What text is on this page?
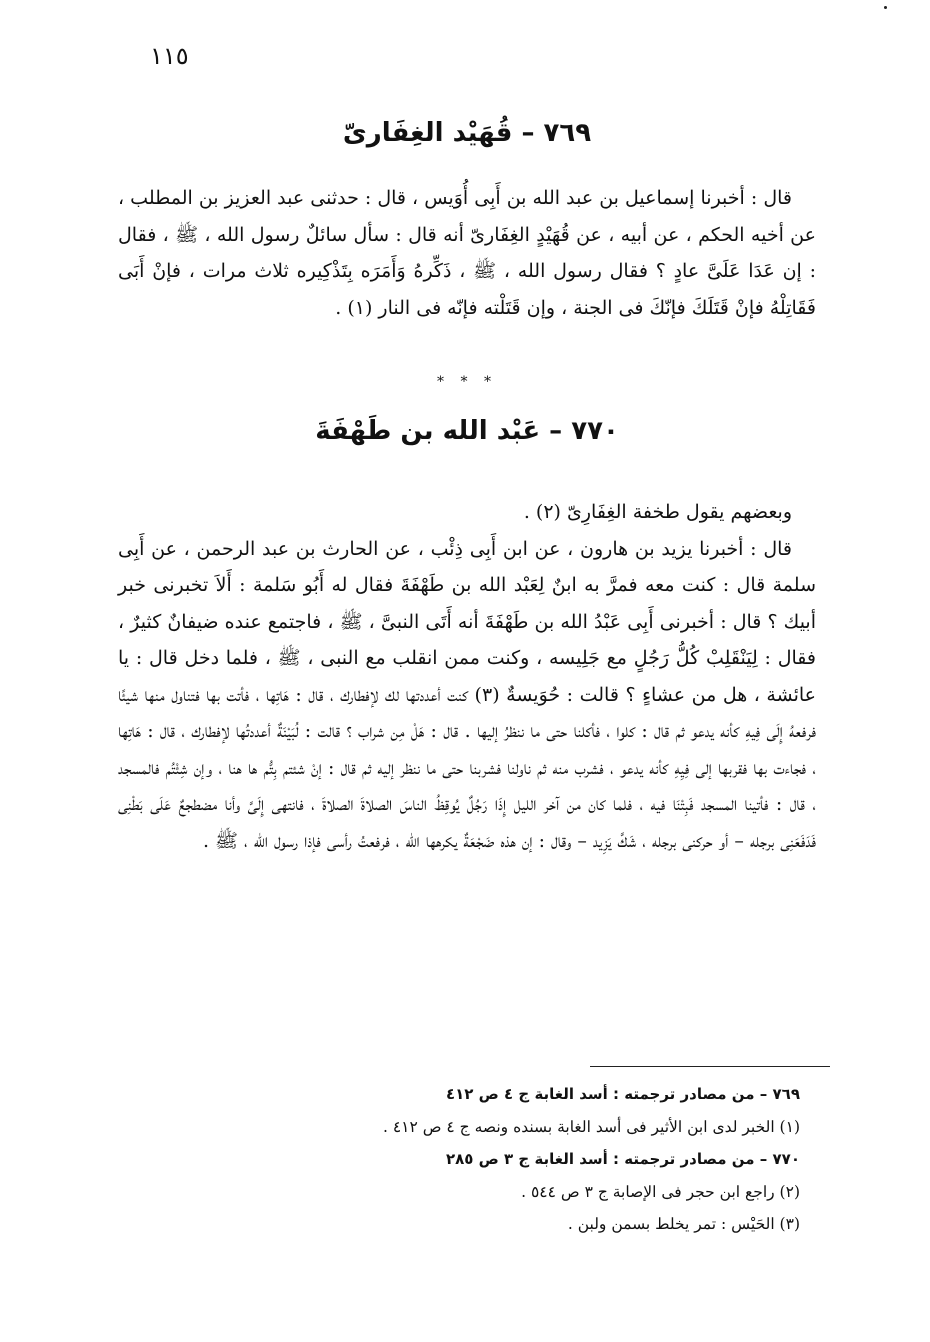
١١٥
٧٦٩ – قُهَيْد الغِفَارىّ

قال : أخبرنا إسماعيل بن عبد الله بن أَبِى أُوَيس ، قال : حدثنى عبد العزيز بن المطلب ، عن أخيه الحكم ، عن أبيه ، عن قُهَيْدٍ الغِفَارىّ أنه قال : سأل سائلٌ رسول الله ، ﷺ ، فقال : إن عَدَا عَلَىَّ عادٍ ؟ فقال رسول الله ، ﷺ ، ذَكِّرهُ وَأَمَرَه بِتَذْكِيره ثلاث مرات ، فإنْ أَبَى فَقَاتِلْهُ فإنْ قَتَلَكَ فإنّكَ فى الجنة ، وإن قَتَلْته فإنّه فى النار (١) .

* * *
٧٧٠ – عَبْد الله بن طَهْفَةَ

وبعضهم يقول طخفة الغِفَارِىّ (٢) .

قال : أخبرنا يزيد بن هارون ، عن ابن أَبِى ذِئْب ، عن الحارث بن عبد الرحمن ، عن أَبِى سلمة قال : كنت معه فمرَّ به ابنٌ لِعَبْد الله بن طَهْفَةَ فقال له أَبُو سَلمة : أَلاَ تخبرنى خبر أبيك ؟ قال : أخبرنى أَبِى عَبْدُ الله بن طَهْفَةَ أنه أَتَى النبىَّ ، ﷺ ، فاجتمع عنده ضيفانٌ كثيرٌ ، فقال : لِيَنْقَلِبْ كُلُّ رَجُلٍ مع جَلِيسه ، وكنت ممن انقلب مع النبى ، ﷺ ، فلما دخل قال : يا عائشة ، هل من عشاءٍ ؟ قالت : حُوَيسةٌ (٣) كنت أعددتها لك لإفطارك ، قال : هَاتِها ، فأتت بها فتناول منها شيئًا فرفعهُ إِلَى فِيهِ كأنه يدعو ثم قال : كلوا ، فأكلنا حتى ما ننظرُ إليها . قال : هَلْ مِن شراب ؟ قالت : لُبَيْنَةٌ أعددتُها لإفطارك ، قال : هَاتِها ، فجاءت بها فقربها إلى فِيِهِ كأنه يدعو ، فشرب منه ثم ناولنا فشربنا حتى ما ننظر إليه ثم قال : إنْ شئتم بِتُّم ها هنا ، وإن شِئْتُم فالمسجد ، قال : فأتينا المسجد فَبِتْنَا فيه ، فلما كان من آخر الليل إِذَا رَجُلٌ يُوقِظُ الناسَ الصلاةَ الصلاةَ ، فانتهى إِلَىَّ وأنا مضطجعٌ عَلَى بَطْنِى فَدَفَعَنِى برجله – أو حركنى برجله ، شَكَّ يَزِيد – وقال : إن هذه ضَجْعَةٌ يكرهها الله ، فرفعتُ رأسى فإذا رسول الله ، ﷺ .

٧٦٩ – من مصادر ترجمته : أسد الغابة ج ٤ ص ٤١٢

(١) الخبر لدى ابن الأثير فى أسد الغابة بسنده ونصه ج ٤ ص ٤١٢ .

٧٧٠ – من مصادر ترجمته : أسد الغابة ج ٣ ص ٢٨٥

(٢) راجع ابن حجر فى الإصابة ج ٣ ص ٥٤٤ .

(٣) الحَيْس : تمر يخلط بسمن ولبن .
